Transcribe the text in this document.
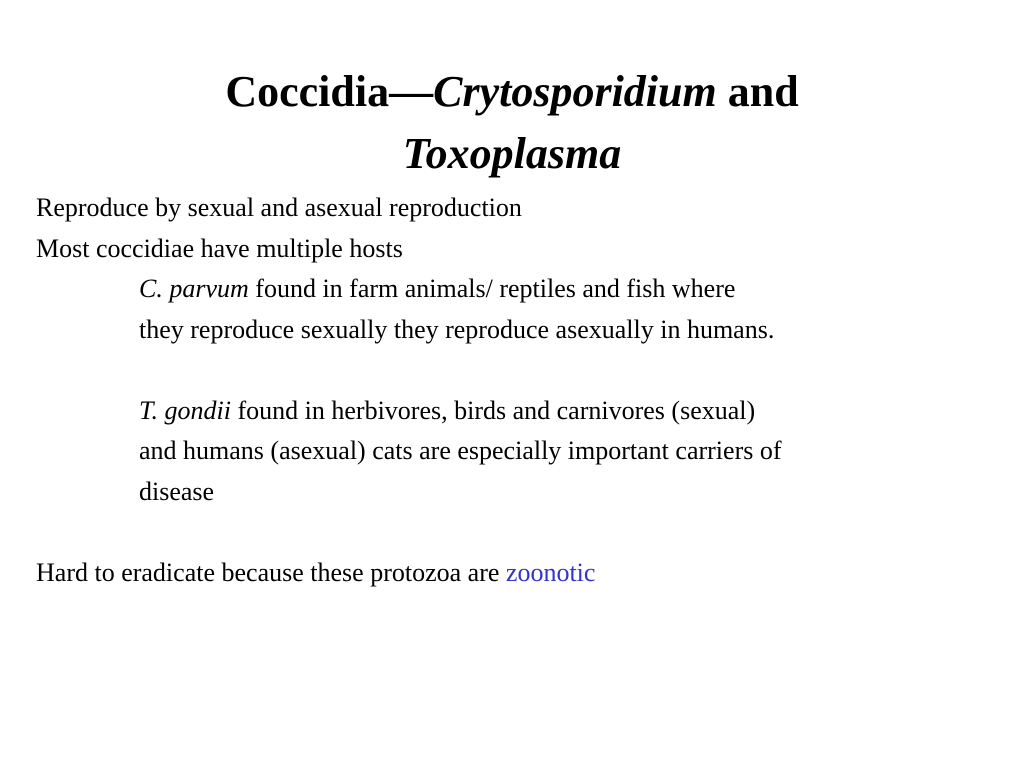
Coccidia—Crytosporidium and
Toxoplasma
Reproduce by sexual and asexual reproduction
Most coccidiae have multiple hosts
C. parvum found in farm animals/ reptiles and fish where
they reproduce sexually they reproduce asexually in humans.
T. gondii found in herbivores, birds and carnivores (sexual)
and humans (asexual) cats are especially important carriers of
disease
Hard to eradicate because these protozoa are zoonotic
